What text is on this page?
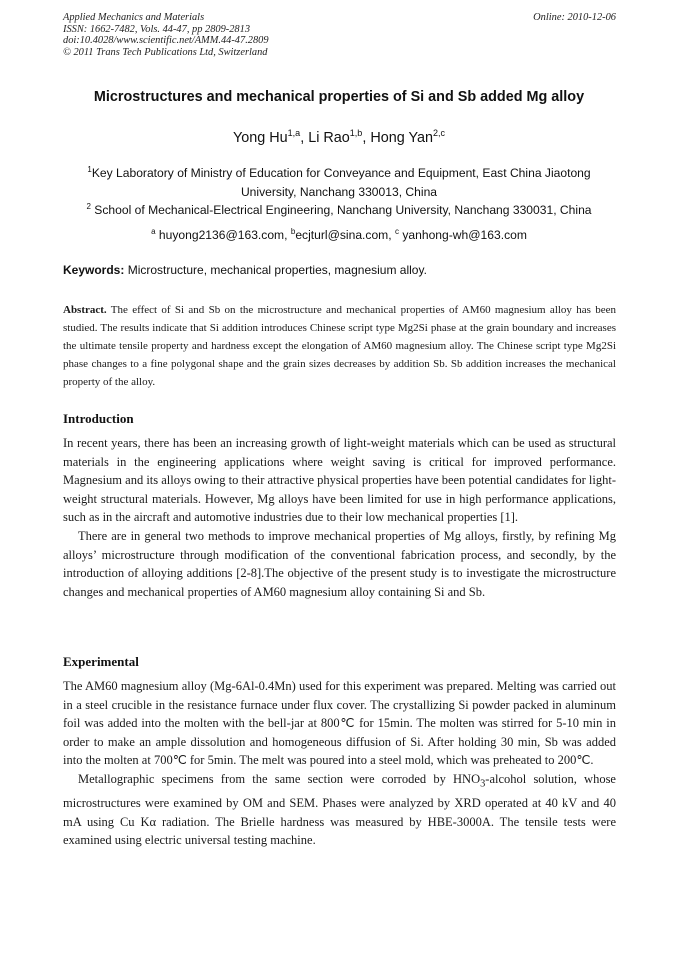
Applied Mechanics and Materials
ISSN: 1662-7482, Vols. 44-47, pp 2809-2813
doi:10.4028/www.scientific.net/AMM.44-47.2809
© 2011 Trans Tech Publications Ltd, Switzerland
Online: 2010-12-06
Microstructures and mechanical properties of Si and Sb added Mg alloy
Yong Hu$^{1,a}$, Li Rao$^{1,b}$, Hong Yan$^{2,c}$
$^1$Key Laboratory of Ministry of Education for Conveyance and Equipment, East China Jiaotong University, Nanchang 330013, China
$^2$ School of Mechanical-Electrical Engineering, Nanchang University, Nanchang 330031, China
$^a$ huyong2136@163.com, $^b$ecjturl@sina.com, $^c$ yanhong-wh@163.com
Keywords: Microstructure, mechanical properties, magnesium alloy.
Abstract. The effect of Si and Sb on the microstructure and mechanical properties of AM60 magnesium alloy has been studied. The results indicate that Si addition introduces Chinese script type Mg2Si phase at the grain boundary and increases the ultimate tensile property and hardness except the elongation of AM60 magnesium alloy. The Chinese script type Mg2Si phase changes to a fine polygonal shape and the grain sizes decreases by addition Sb. Sb addition increases the mechanical property of the alloy.
Introduction

In recent years, there has been an increasing growth of light-weight materials which can be used as structural materials in the engineering applications where weight saving is critical for improved performance. Magnesium and its alloys owing to their attractive physical properties have been potential candidates for light-weight structural materials. However, Mg alloys have been limited for use in high performance applications, such as in the aircraft and automotive industries due to their low mechanical properties [1].

There are in general two methods to improve mechanical properties of Mg alloys, firstly, by refining Mg alloys’ microstructure through modification of the conventional fabrication process, and secondly, by the introduction of alloying additions [2-8].The objective of the present study is to investigate the microstructure changes and mechanical properties of AM60 magnesium alloy containing Si and Sb.

Experimental

The AM60 magnesium alloy (Mg-6Al-0.4Mn) used for this experiment was prepared. Melting was carried out in a steel crucible in the resistance furnace under flux cover. The crystallizing Si powder packed in aluminum foil was added into the molten with the bell-jar at 800℃ for 15min. The molten was stirred for 5-10 min in order to make an ample dissolution and homogeneous diffusion of Si. After holding 30 min, Sb was added into the molten at 700℃ for 5min. The melt was poured into a steel mold, which was preheated to 200℃.

Metallographic specimens from the same section were corroded by $HNO_3$-alcohol solution, whose microstructures were examined by OM and SEM. Phases were analyzed by XRD operated at 40 kV and 40 mA using Cu Kα radiation. The Brielle hardness was measured by HBE-3000A. The tensile tests were examined using electric universal testing machine.
